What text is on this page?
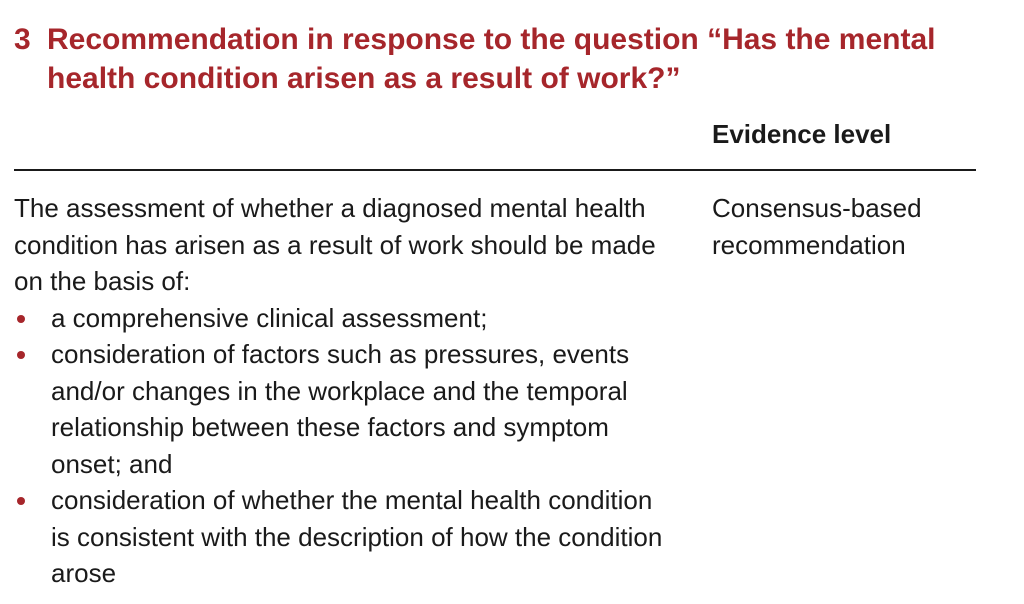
3 Recommendation in response to the question “Has the mental health condition arisen as a result of work?”
Evidence level

The assessment of whether a diagnosed mental health condition has arisen as a result of work should be made on the basis of:

a comprehensive clinical assessment;
consideration of factors such as pressures, events and/or changes in the workplace and the temporal relationship between these factors and symptom onset; and
consideration of whether the mental health condition is consistent with the description of how the condition arose
Consensus-based recommendation
